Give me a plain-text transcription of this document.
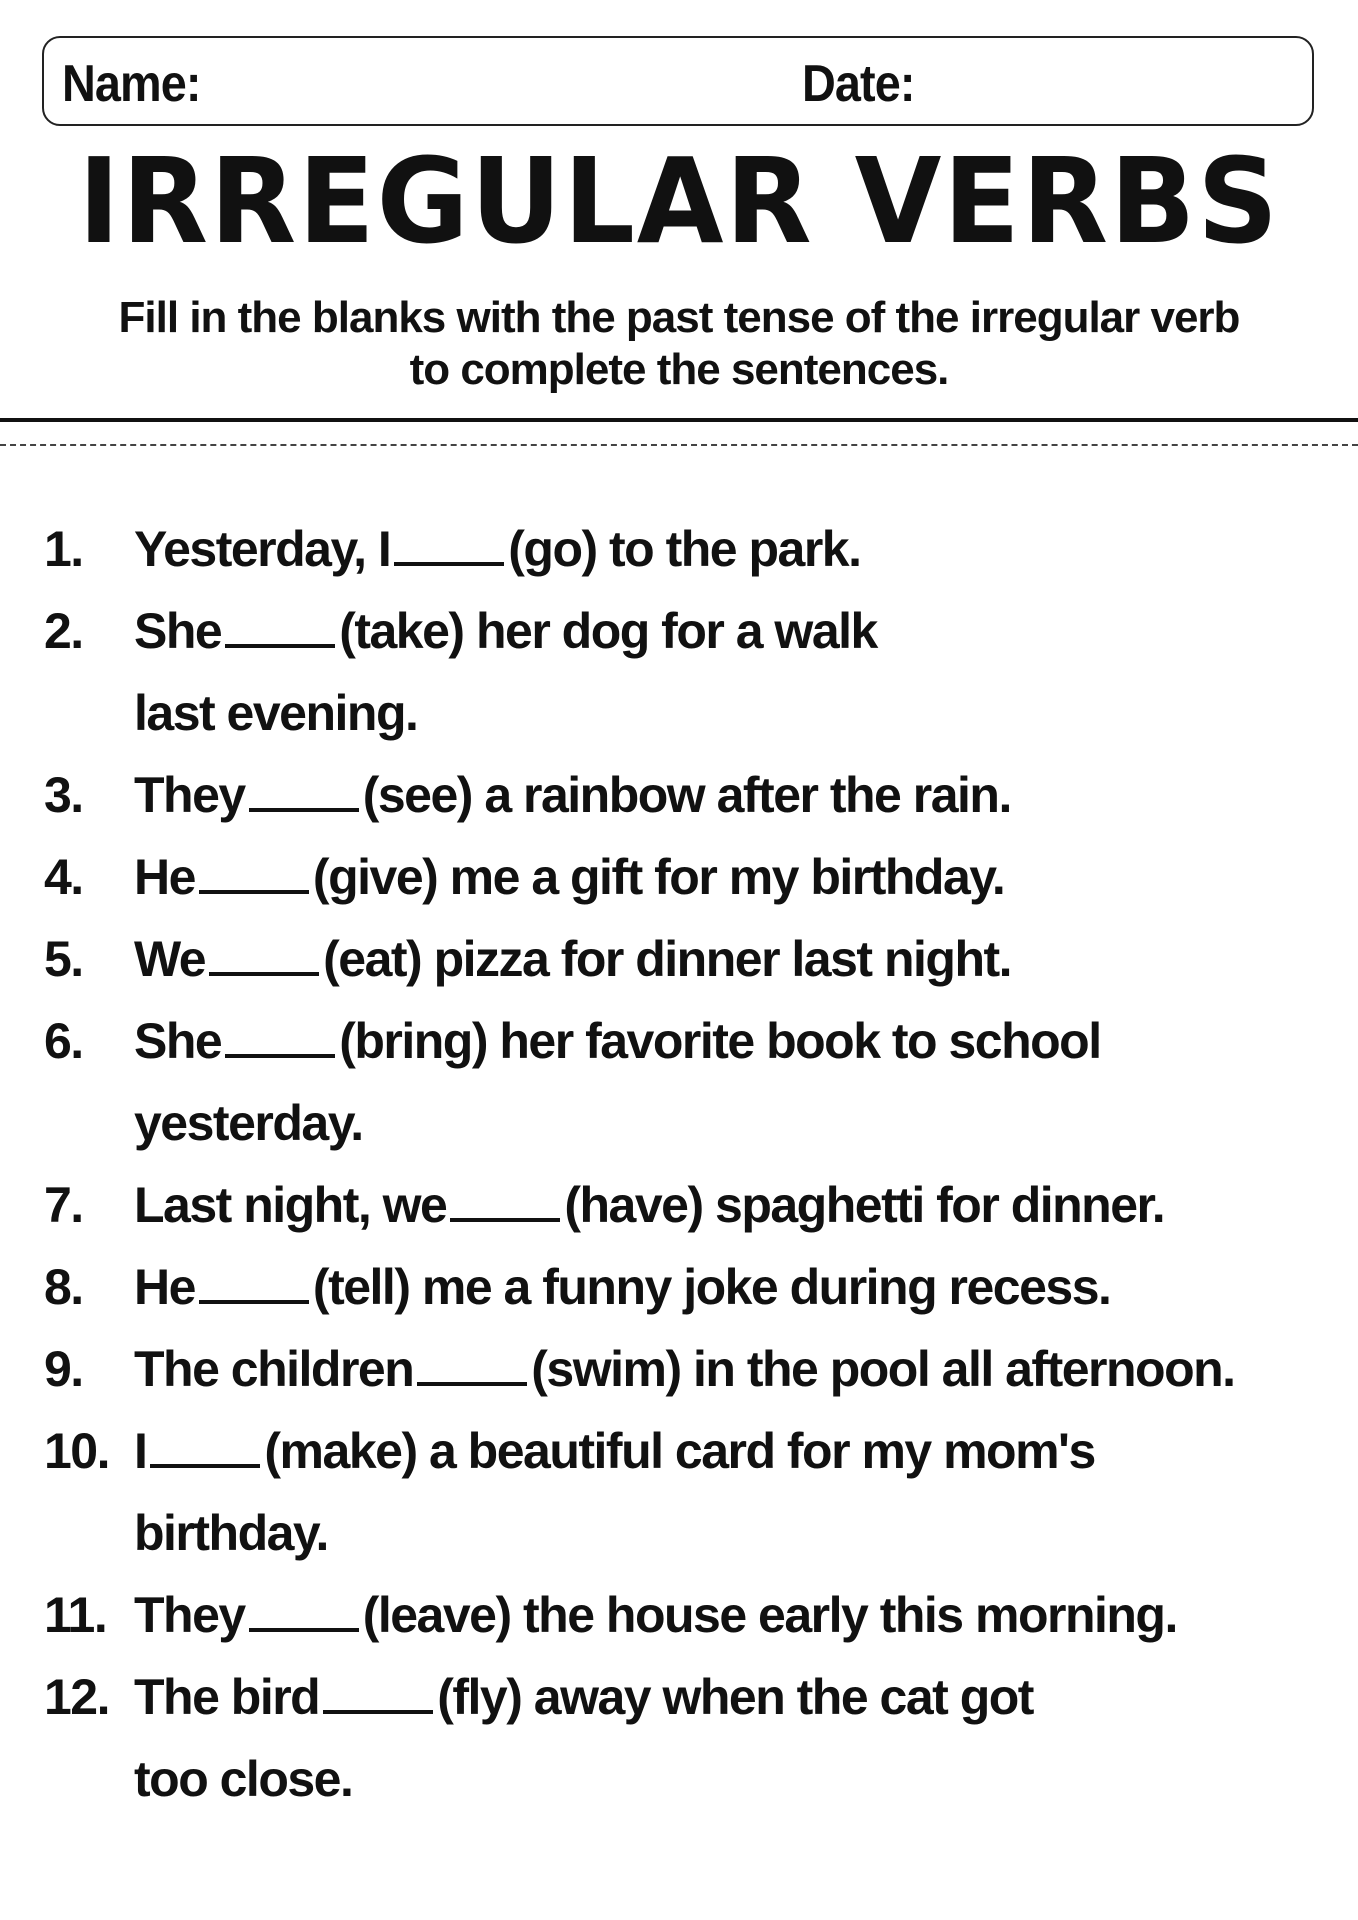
Name:	Date:
IRREGULAR VERBS
Fill in the blanks with the past tense of the irregular verb
to complete the sentences.
1.	Yesterday, I (go) to the park.
2.	She (take) her dog for a walk
last evening.
3.	They (see) a rainbow after the rain.
4.	He (give) me a gift for my birthday.
5.	We (eat) pizza for dinner last night.
6.	She (bring) her favorite book to school
yesterday.
7.	Last night, we (have) spaghetti for dinner.
8.	He (tell) me a funny joke during recess.
9.	The children (swim) in the pool all afternoon.
10. I (make) a beautiful card for my mom's
birthday.
11. They (leave) the house early this morning.
12. The bird (fly) away when the cat got
too close.
